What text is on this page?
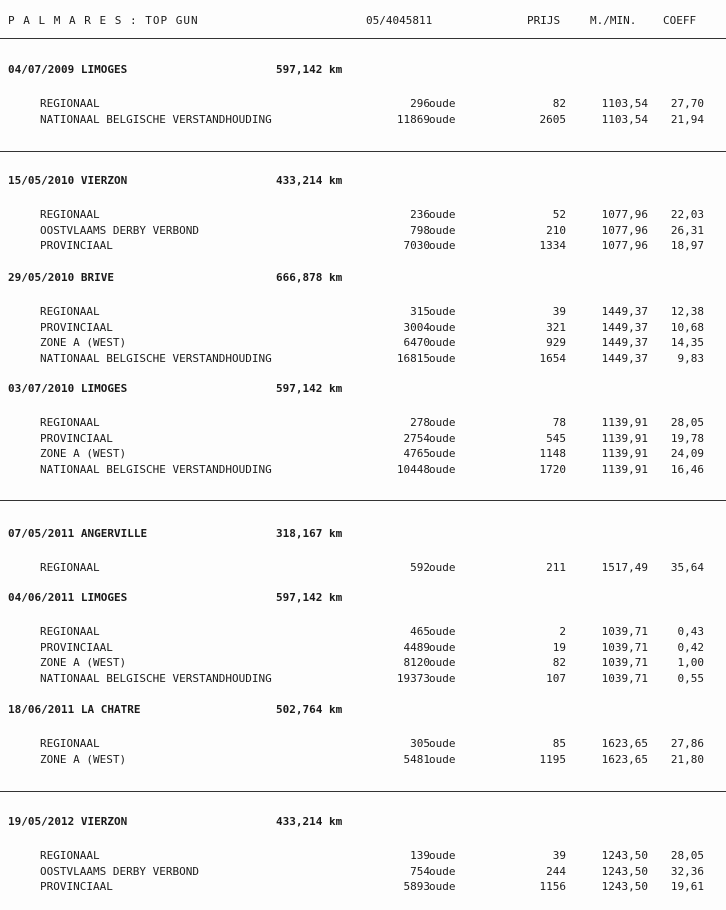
P A L M A R E S : TOP GUN	05/4045811	PRIJS	M./MIN. COEFF
04/07/2009 LIMOGES	597,142 km
REGIONAAL	296 oude	82	1103,54 27,70
NATIONAAL BELGISCHE VERSTANDHOUDING	11869 oude	2605	1103,54 21,94
15/05/2010 VIERZON	433,214 km
REGIONAAL	236 oude	52	1077,96 22,03
OOSTVLAAMS DERBY VERBOND	798 oude	210	1077,96 26,31
PROVINCIAAL	7030 oude	1334	1077,96 18,97
29/05/2010 BRIVE	666,878 km
REGIONAAL	315 oude	39	1449,37 12,38
PROVINCIAAL	3004 oude	321	1449,37 10,68
ZONE A (WEST)	6470 oude	929	1449,37 14,35
NATIONAAL BELGISCHE VERSTANDHOUDING	16815 oude	1654	1449,37	9,83
03/07/2010 LIMOGES	597,142 km
REGIONAAL	278 oude	78	1139,91 28,05
PROVINCIAAL	2754 oude	545	1139,91 19,78
ZONE A (WEST)	4765 oude	1148	1139,91 24,09
NATIONAAL BELGISCHE VERSTANDHOUDING	10448 oude	1720	1139,91 16,46
07/05/2011 ANGERVILLE	318,167 km
REGIONAAL	592 oude	211	1517,49 35,64
04/06/2011 LIMOGES	597,142 km
REGIONAAL	465 oude	2	1039,71	0,43
PROVINCIAAL	4489 oude	19	1039,71	0,42
ZONE A (WEST)	8120 oude	82	1039,71	1,00
NATIONAAL BELGISCHE VERSTANDHOUDING	19373 oude	107	1039,71	0,55
18/06/2011 LA CHATRE	502,764 km
REGIONAAL	305 oude	85	1623,65 27,86
ZONE A (WEST)	5481 oude	1195	1623,65 21,80
19/05/2012 VIERZON	433,214 km
REGIONAAL	139 oude	39	1243,50 28,05
OOSTVLAAMS DERBY VERBOND	754 oude	244	1243,50 32,36
PROVINCIAAL	5893 oude	1156	1243,50 19,61
